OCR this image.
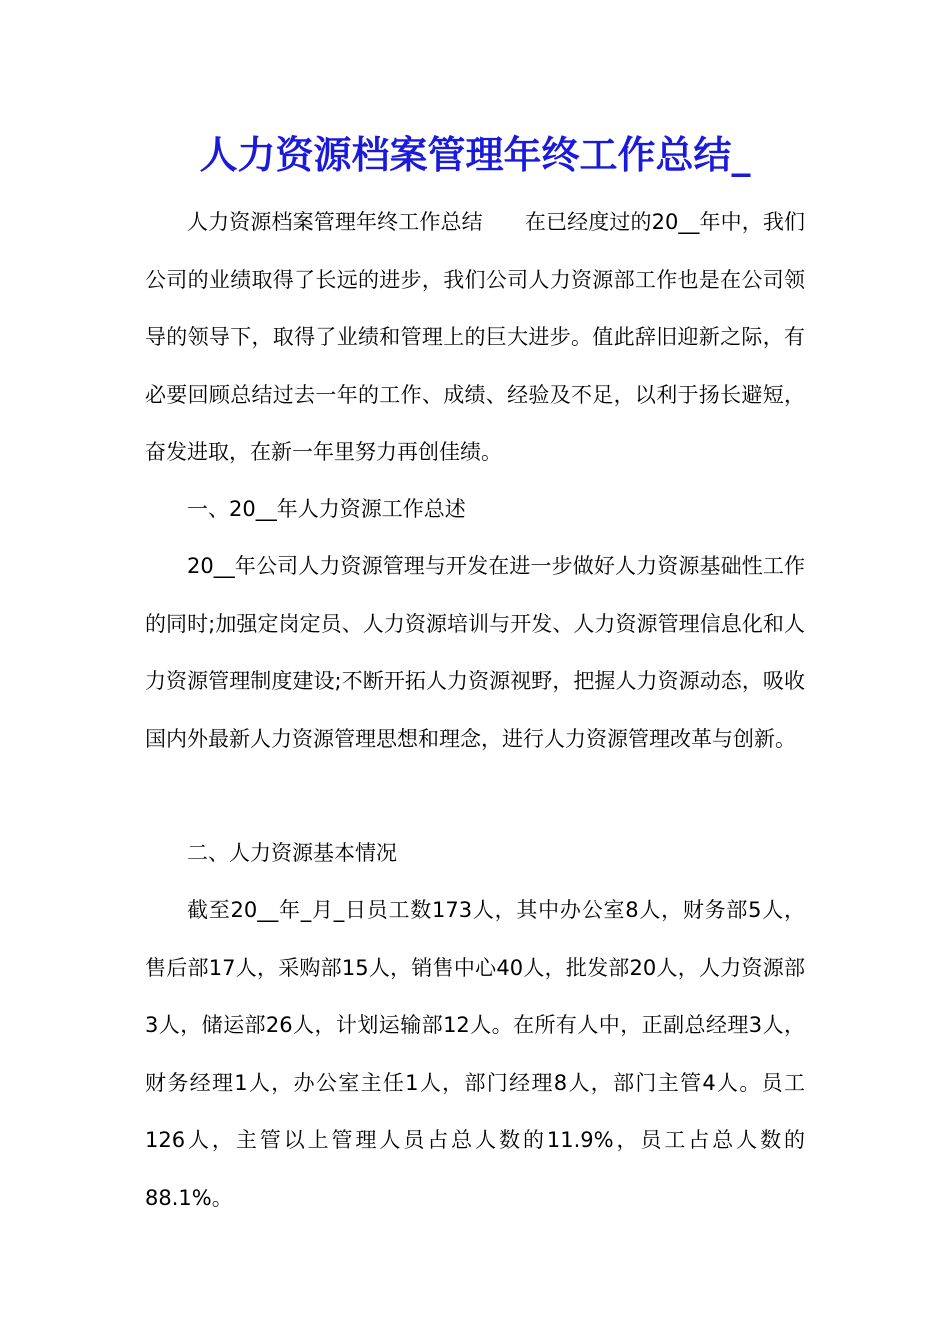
人力资源档案管理年终工作总结_

人力资源档案管理年终工作总结　　在已经度过的20__年中，我们公司的业绩取得了长远的进步，我们公司人力资源部工作也是在公司领导的领导下，取得了业绩和管理上的巨大进步。值此辞旧迎新之际，有必要回顾总结过去一年的工作、成绩、经验及不足，以利于扬长避短，奋发进取，在新一年里努力再创佳绩。

一、20__年人力资源工作总述

20__年公司人力资源管理与开发在进一步做好人力资源基础性工作的同时;加强定岗定员、人力资源培训与开发、人力资源管理信息化和人力资源管理制度建设;不断开拓人力资源视野，把握人力资源动态，吸收国内外最新人力资源管理思想和理念，进行人力资源管理改革与创新。

二、人力资源基本情况

截至20__年_月_日员工数173人，其中办公室8人，财务部5人，售后部17人，采购部15人，销售中心40人，批发部20人，人力资源部3人，储运部26人，计划运输部12人。在所有人中，正副总经理3人，财务经理1人，办公室主任1人，部门经理8人，部门主管4人。员工126人，主管以上管理人员占总人数的11.9%，员工占总人数的88.1%。
